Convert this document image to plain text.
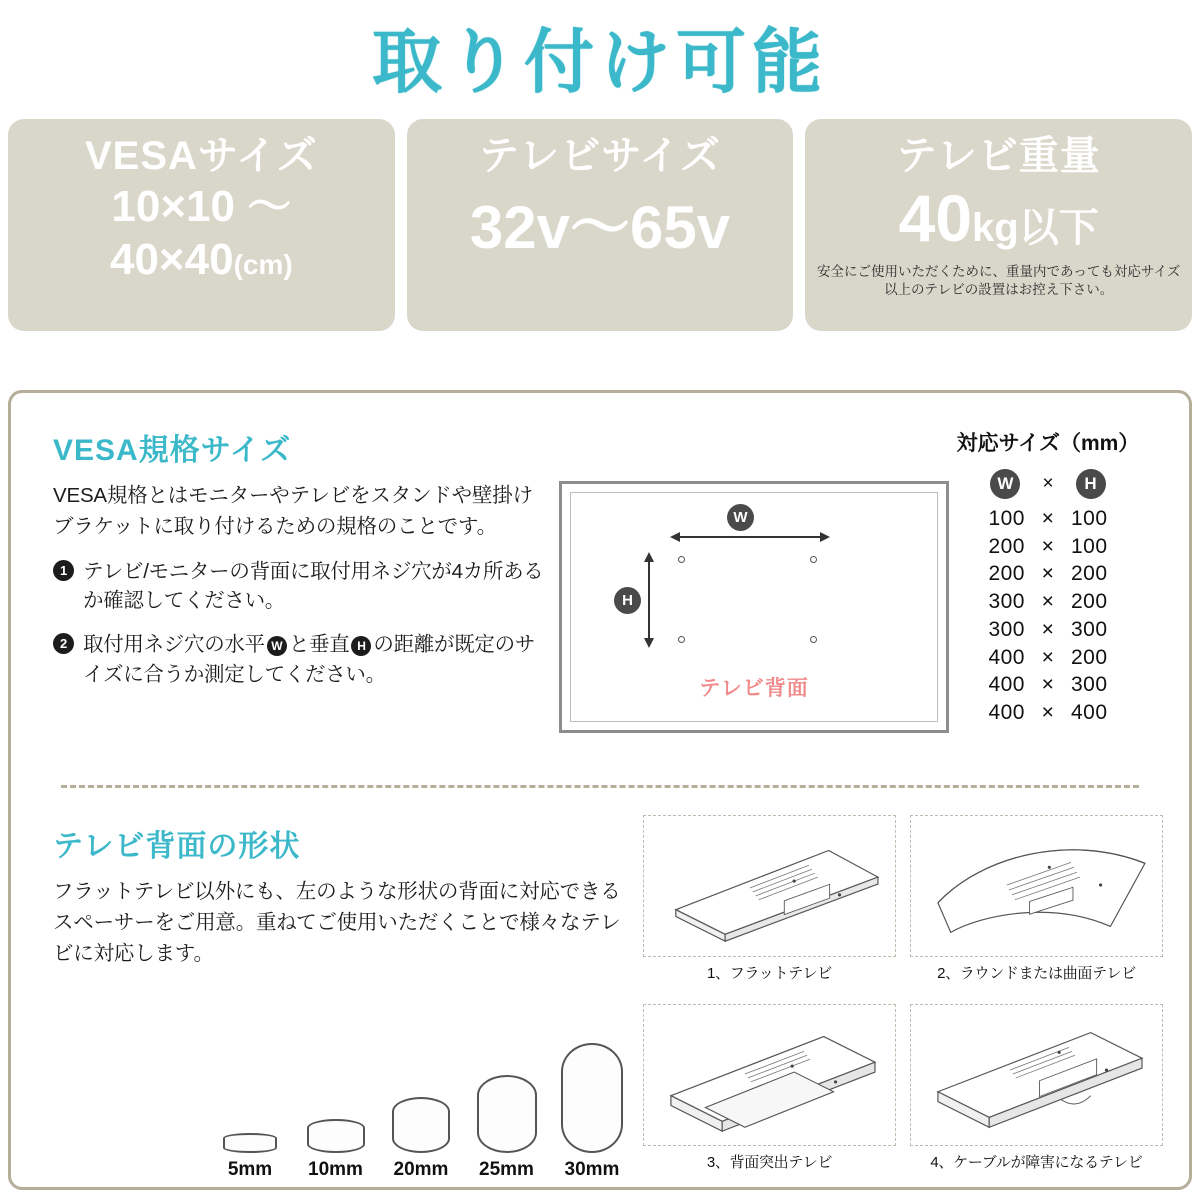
取り付け可能
VESAサイズ
10×10 ～
40×40(cm)
テレビサイズ
32v～65v
テレビ重量
40kg以下
安全にご使用いただくために、重量内であっても対応サイズ以上のテレビの設置はお控え下さい。
VESA規格サイズ
VESA規格とはモニターやテレビをスタンドや壁掛けブラケットに取り付けるための規格のことです。
1 テレビ/モニターの背面に取付用ネジ穴が4カ所あるか確認してください。
2 取付用ネジ穴の水平 W と垂直 H の距離が既定のサイズに合うか測定してください。
W
H
テレビ背面
対応サイズ（mm）
W	×	H
100 × 100
200 × 100
200 × 200
300 × 200
300 × 300
400 × 200
400 × 300
400 × 400
テレビ背面の形状
フラットテレビ以外にも、左のような形状の背面に対応できるスペーサーをご用意。重ねてご使用いただくことで様々なテレビに対応します。
5mm	10mm	20mm	25mm	30mm
1、フラットテレビ	2、ラウンドまたは曲面テレビ
3、背面突出テレビ	4、ケーブルが障害になるテレビ
